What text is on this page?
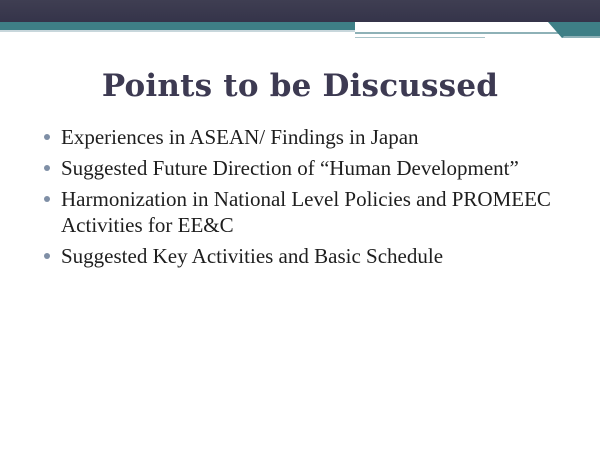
Points to be Discussed
Experiences in ASEAN/ Findings in Japan
Suggested Future Direction of “Human Development”
Harmonization in National Level Policies and PROMEEC Activities for EE&C
Suggested Key Activities and Basic Schedule
